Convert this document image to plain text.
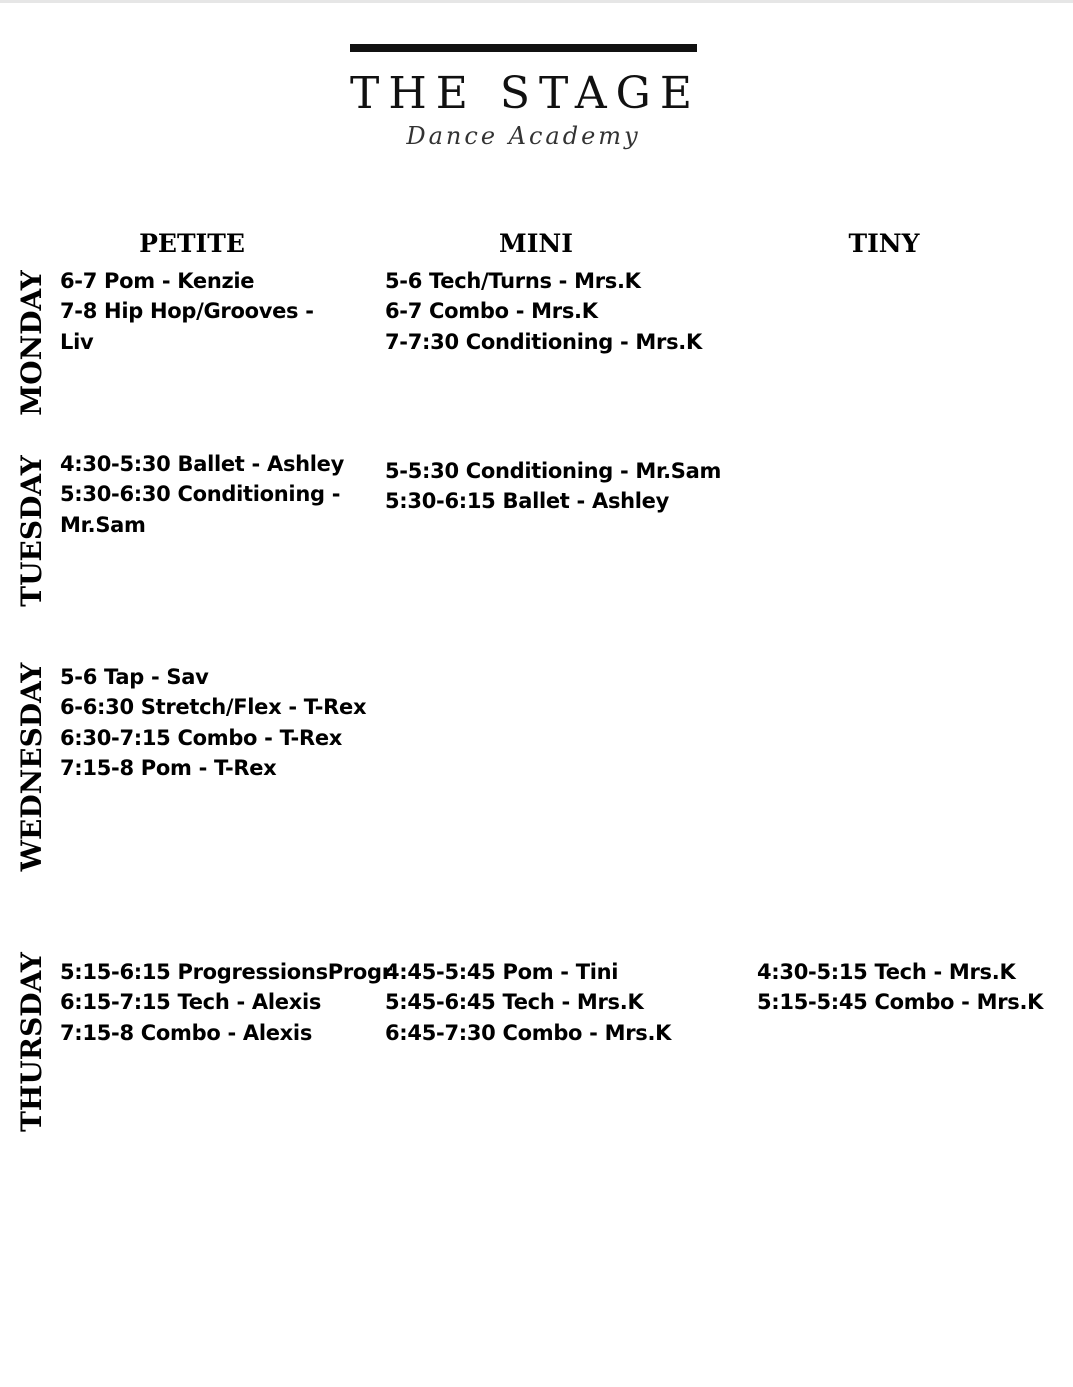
THE STAGE
Dance Academy
PETITE	MINI	TINY
MONDAY 6-7 Pom - Kenzie
7-8 Hip Hop/Grooves -
Liv
5-6 Tech/Turns - Mrs.K
6-7 Combo - Mrs.K
7-7:30 Conditioning - Mrs.K
TUESDAY 4:30-5:30 Ballet - Ashley
5:30-6:30 Conditioning -
Mr.Sam
5-5:30 Conditioning - Mr.Sam
5:30-6:15 Ballet - Ashley
WEDNESDAY 5-6 Tap - Sav
6-6:30 Stretch/Flex - T-Rex
6:30-7:15 Combo - T-Rex
7:15-8 Pom - T-Rex
THURSDAY 5:15-6:15 ProgressionsProgr
6:15-7:15 Tech - Alexis
7:15-8 Combo - Alexis
4:45-5:45 Pom - Tini
5:45-6:45 Tech - Mrs.K
6:45-7:30 Combo - Mrs.K
4:30-5:15 Tech - Mrs.K
5:15-5:45 Combo - Mrs.K
